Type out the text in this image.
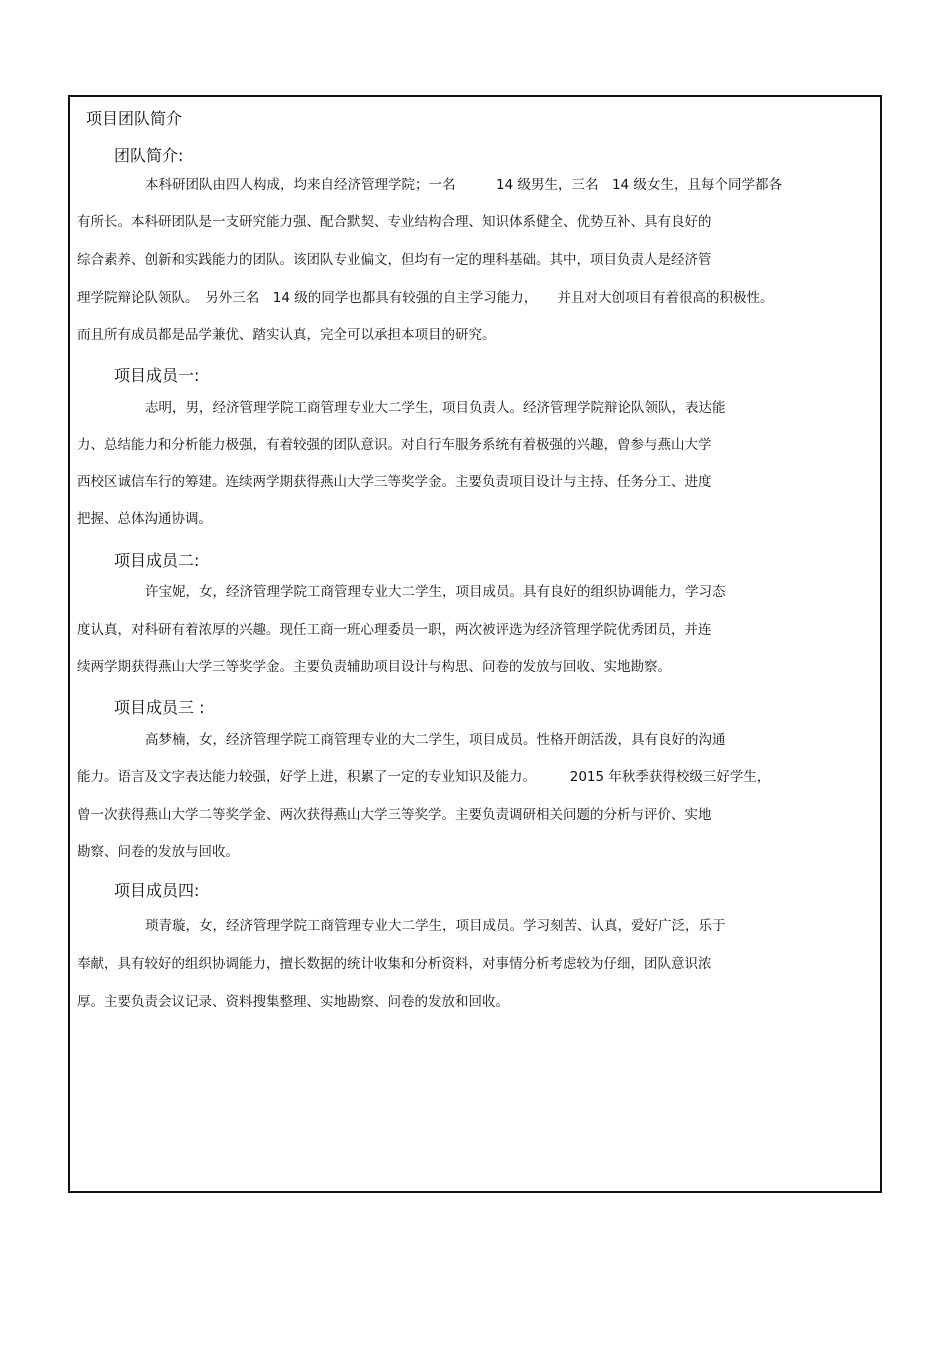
项目团队简介
团队简介:
本科研团队由四人构成，均来自经济管理学院；一名　　　14 级男生，三名　14 级女生，且每个同学都各
有所长。本科研团队是一支研究能力强、配合默契、专业结构合理、知识体系健全、优势互补、具有良好的
综合素养、创新和实践能力的团队。该团队专业偏文，但均有一定的理科基础。其中，项目负责人是经济管
理学院辩论队领队。　另外三名　14 级的同学也都具有较强的自主学习能力，　　并且对大创项目有着很高的积极性。
而且所有成员都是品学兼优、踏实认真，完全可以承担本项目的研究。
项目成员一:
志明，男，经济管理学院工商管理专业大二学生，项目负责人。经济管理学院辩论队领队，表达能
力、总结能力和分析能力极强，有着较强的团队意识。对自行车服务系统有着极强的兴趣，曾参与燕山大学
西校区诚信车行的筹建。连续两学期获得燕山大学三等奖学金。主要负责项目设计与主持、任务分工、进度
把握、总体沟通协调。
项目成员二:
许宝妮，女，经济管理学院工商管理专业大二学生，项目成员。具有良好的组织协调能力，学习态
度认真，对科研有着浓厚的兴趣。现任工商一班心理委员一职，两次被评选为经济管理学院优秀团员，并连
续两学期获得燕山大学三等奖学金。主要负责辅助项目设计与构思、问卷的发放与回收、实地勘察。
项目成员三 :
高梦楠，女，经济管理学院工商管理专业的大二学生，项目成员。性格开朗活泼，具有良好的沟通
能力。语言及文字表达能力较强，好学上进，积累了一定的专业知识及能力。　　　2015 年秋季获得校级三好学生，
曾一次获得燕山大学二等奖学金、两次获得燕山大学三等奖学。主要负责调研相关问题的分析与评价、实地
勘察、问卷的发放与回收。
项目成员四:
琐青璇，女，经济管理学院工商管理专业大二学生，项目成员。学习刻苦、认真，爱好广泛，乐于
奉献，具有较好的组织协调能力，擅长数据的统计收集和分析资料，对事情分析考虑较为仔细，团队意识浓
厚。主要负责会议记录、资料搜集整理、实地勘察、问卷的发放和回收。
